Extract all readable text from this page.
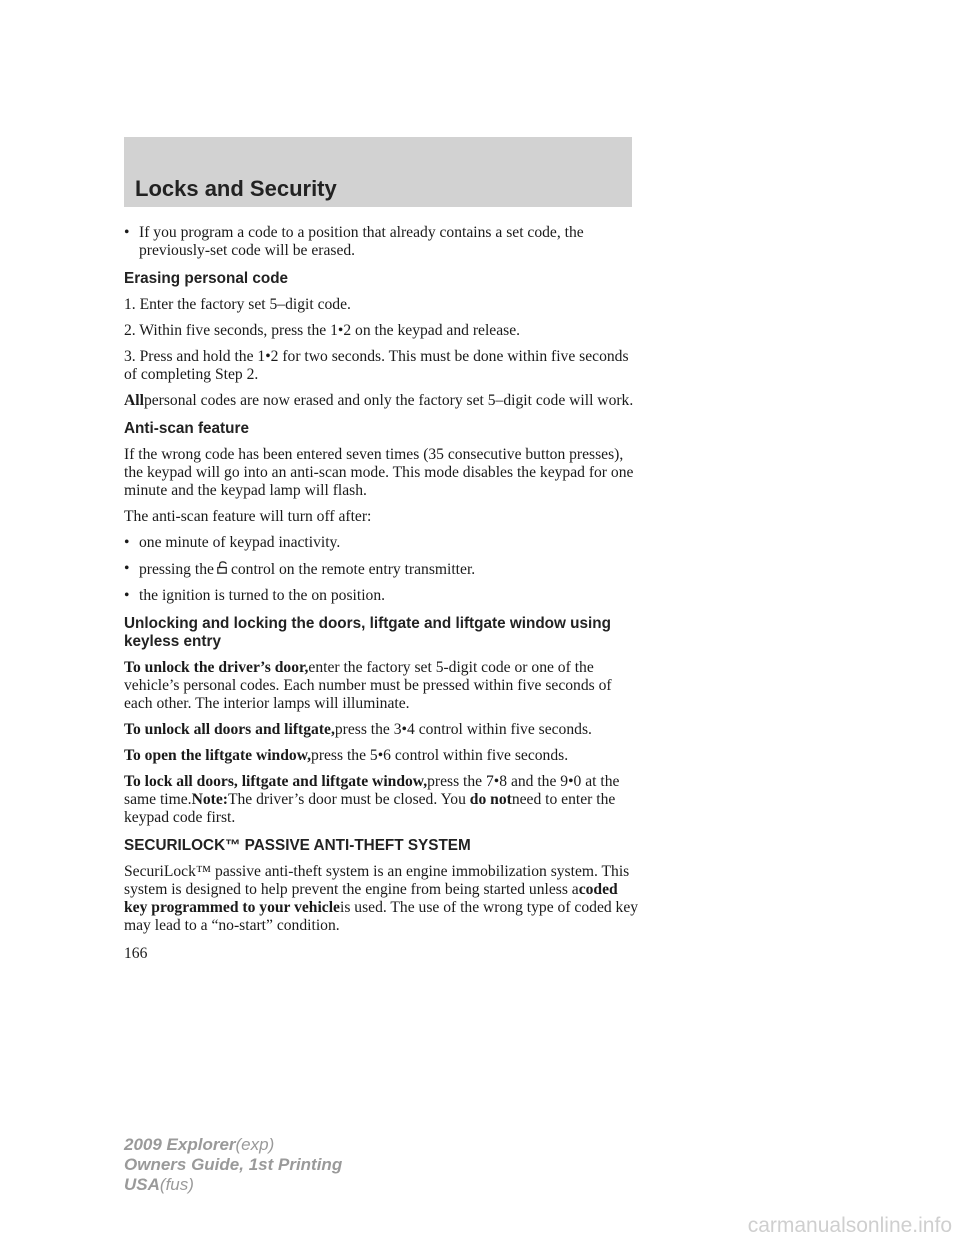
Locks and Security
• If you program a code to a position that already contains a set code, the previously-set code will be erased.
Erasing personal code

1. Enter the factory set 5–digit code.

2. Within five seconds, press the 1•2 on the keypad and release.

3. Press and hold the 1•2 for two seconds. This must be done within five seconds of completing Step 2.

Allpersonal codes are now erased and only the factory set 5–digit code will work.

Anti-scan feature

If the wrong code has been entered seven times (35 consecutive button presses), the keypad will go into an anti-scan mode. This mode disables the keypad for one minute and the keypad lamp will flash.

The anti-scan feature will turn off after:

• one minute of keypad inactivity.
• pressing the control on the remote entry transmitter.
• the ignition is turned to the on position.
Unlocking and locking the doors, liftgate and liftgate window using keyless entry

To unlock the driver’s door,enter the factory set 5-digit code or one of the vehicle’s personal codes. Each number must be pressed within five seconds of each other. The interior lamps will illuminate.

To unlock all doors and liftgate,press the 3•4 control within five seconds.

To open the liftgate window,press the 5•6 control within five seconds.

To lock all doors, liftgate and liftgate window,press the 7•8 and the 9•0 at the same time.Note:The driver’s door must be closed. You do notneed to enter the keypad code first.

SECURILOCK™ PASSIVE ANTI-THEFT SYSTEM

SecuriLock™ passive anti-theft system is an engine immobilization system. This system is designed to help prevent the engine from being started unless acoded key programmed to your vehicleis used. The use of the wrong type of coded key may lead to a “no-start” condition.

166

2009 Explorer(exp)
Owners Guide, 1st Printing
USA(fus)
carmanualsonline.info
